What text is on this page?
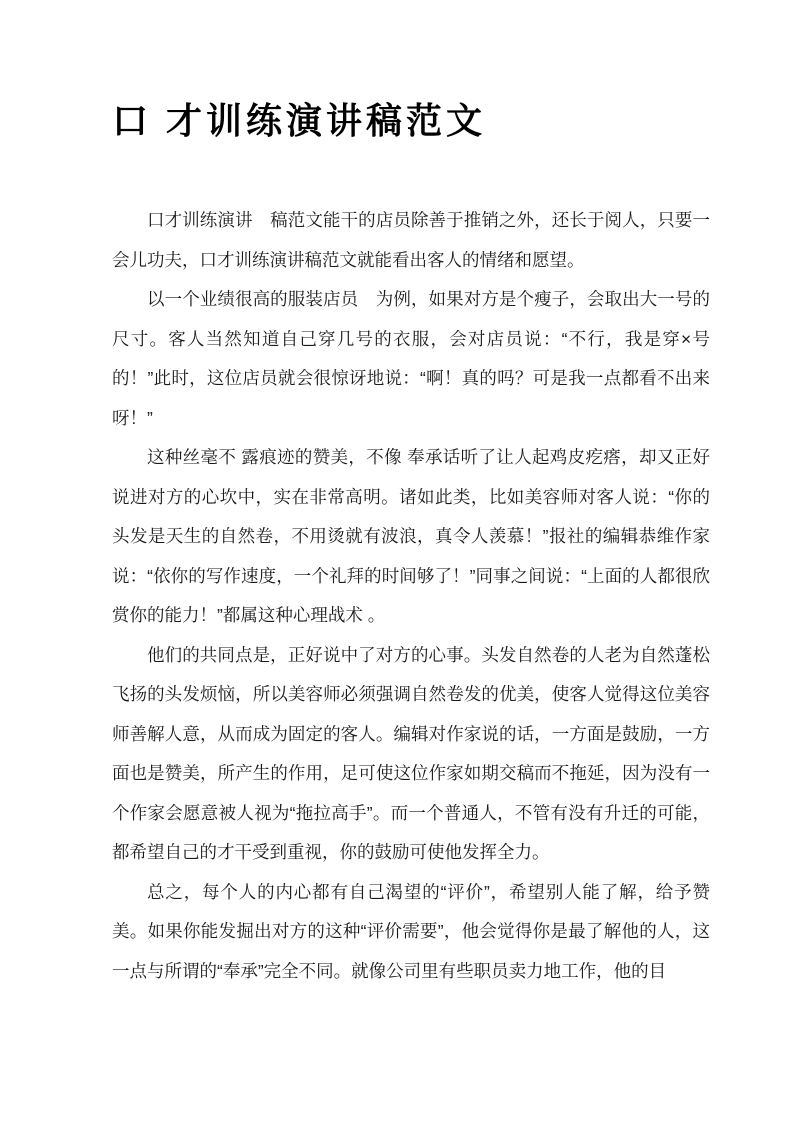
口 才训练演讲稿范文

口才训练演讲　稿范文能干的店员除善于推销之外，还长于阅人，只要一会儿功夫，口才训练演讲稿范文就能看出客人的情绪和愿望。

以一个业绩很高的服装店员　为例，如果对方是个瘦子，会取出大一号的尺寸。客人当然知道自己穿几号的衣服，会对店员说：“不行，我是穿×号的！”此时，这位店员就会很惊讶地说：“啊！真的吗？可是我一点都看不出来呀！”

这种丝毫不 露痕迹的赞美，不像 奉承话听了让人起鸡皮疙瘩，却又正好说进对方的心坎中，实在非常高明。诸如此类，比如美容师对客人说：“你的头发是天生的自然卷，不用烫就有波浪，真令人羡慕！”报社的编辑恭维作家说：“依你的写作速度，一个礼拜的时间够了！”同事之间说：“上面的人都很欣赏你的能力！”都属这种心理战术 。

他们的共同点是，正好说中了对方的心事。头发自然卷的人老为自然蓬松飞扬的头发烦恼，所以美容师必须强调自然卷发的优美，使客人觉得这位美容师善解人意，从而成为固定的客人。编辑对作家说的话，一方面是鼓励，一方面也是赞美，所产生的作用，足可使这位作家如期交稿而不拖延，因为没有一个作家会愿意被人视为“拖拉高手”。而一个普通人，不管有没有升迁的可能，都希望自己的才干受到重视，你的鼓励可使他发挥全力。

总之，每个人的内心都有自己渴望的“评价”，希望别人能了解，给予赞美。如果你能发掘出对方的这种“评价需要”，他会觉得你是最了解他的人，这一点与所谓的“奉承”完全不同。就像公司里有些职员卖力地工作，他的目
